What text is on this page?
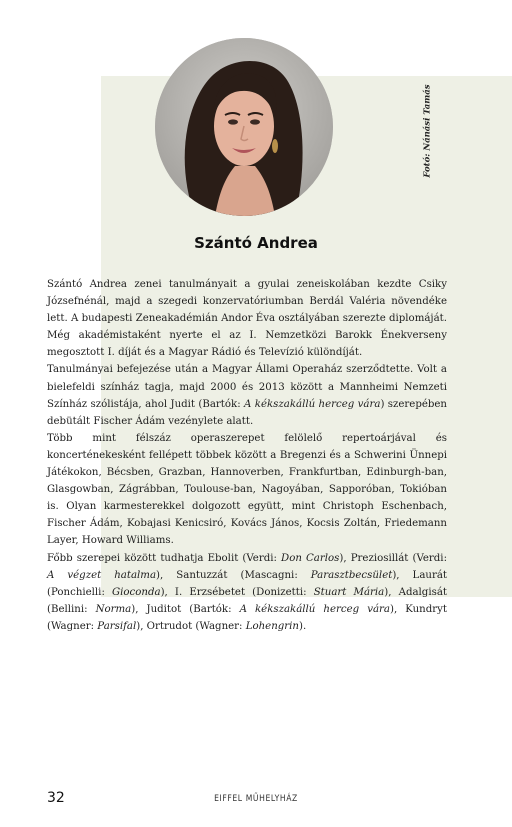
Fotó: Nánási Tamás
Szántó Andrea

Szántó Andrea zenei tanulmányait a gyulai zeneiskolában kezdte Csiky Józsefnénál, majd a szegedi konzervatóriumban Berdál Valéria növendéke lett. A budapesti Zeneakadémián Andor Éva osztályában szerezte diplomáját. Még akadémistaként nyerte el az I. Nemzetközi Barokk Énekverseny megosztott I. díját és a Magyar Rádió és Televízió különdíját.

Tanulmányai befejezése után a Magyar Állami Operaház szerződtette. Volt a bielefeldi színház tagja, majd 2000 és 2013 között a Mannheimi Nemzeti Színház szólistája, ahol Judit (Bartók: A kékszakállú herceg vára) szerepében debütált Fischer Ádám vezénylete alatt.

Több mint félszáz operaszerepet felölelő repertoárjával és koncerténekesként fellépett többek között a Bregenzi és a Schwerini Ünnepi Játékokon, Bécsben, Grazban, Hannoverben, Frankfurtban, Edinburgh-ban, Glasgowban, Zágrábban, Toulouse-ban, Nagoyában, Sapporóban, Tokióban is. Olyan karmesterekkel dolgozott együtt, mint Christoph Eschenbach, Fischer Ádám, Kobajasi Kenicsiró, Kovács János, Kocsis Zoltán, Friedemann Layer, Howard Williams.

Főbb szerepei között tudhatja Ebolit (Verdi: Don Carlos), Preziosillát (Verdi: A végzet hatalma), Santuzzát (Mascagni: Parasztbecsület), Laurát (Ponchielli: Gioconda), I. Erzsébetet (Donizetti: Stuart Mária), Adalgisát (Bellini: Norma), Juditot (Bartók: A kékszakállú herceg vára), Kundryt (Wagner: Parsifal), Ortrudot (Wagner: Lohengrin).

32	EIFFEL MŰHELYHÁZ
